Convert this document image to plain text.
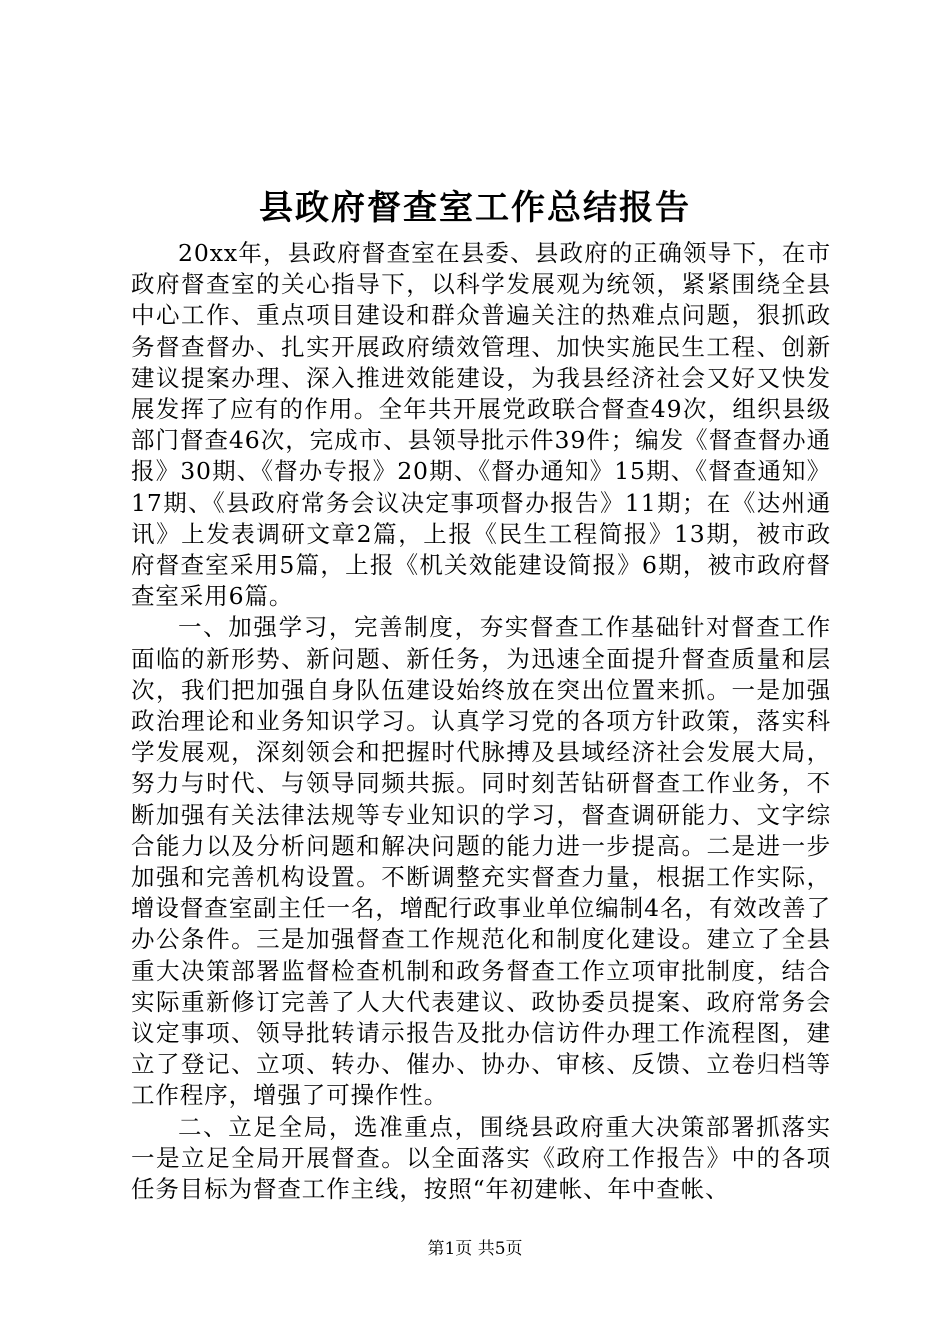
县政府督查室工作总结报告

20xx年，县政府督查室在县委、县政府的正确领导下，在市政府督查室的关心指导下，以科学发展观为统领，紧紧围绕全县中心工作、重点项目建设和群众普遍关注的热难点问题，狠抓政务督查督办、扎实开展政府绩效管理、加快实施民生工程、创新建议提案办理、深入推进效能建设，为我县经济社会又好又快发展发挥了应有的作用。全年共开展党政联合督查49次，组织县级部门督查46次，完成市、县领导批示件39件；编发《督查督办通报》30期、《督办专报》20期、《督办通知》15期、《督查通知》17期、《县政府常务会议决定事项督办报告》11期；在《达州通讯》上发表调研文章2篇，上报《民生工程简报》13期，被市政府督查室采用5篇，上报《机关效能建设简报》6期，被市政府督查室采用6篇。

一、加强学习，完善制度，夯实督查工作基础针对督查工作面临的新形势、新问题、新任务，为迅速全面提升督查质量和层次，我们把加强自身队伍建设始终放在突出位置来抓。一是加强政治理论和业务知识学习。认真学习党的各项方针政策，落实科学发展观，深刻领会和把握时代脉搏及县域经济社会发展大局，努力与时代、与领导同频共振。同时刻苦钻研督查工作业务，不断加强有关法律法规等专业知识的学习，督查调研能力、文字综合能力以及分析问题和解决问题的能力进一步提高。二是进一步加强和完善机构设置。不断调整充实督查力量，根据工作实际，增设督查室副主任一名，增配行政事业单位编制4名，有效改善了办公条件。三是加强督查工作规范化和制度化建设。建立了全县重大决策部署监督检查机制和政务督查工作立项审批制度，结合实际重新修订完善了人大代表建议、政协委员提案、政府常务会议定事项、领导批转请示报告及批办信访件办理工作流程图，建立了登记、立项、转办、催办、协办、审核、反馈、立卷归档等工作程序，增强了可操作性。

二、立足全局，选准重点，围绕县政府重大决策部署抓落实一是立足全局开展督查。以全面落实《政府工作报告》中的各项任务目标为督查工作主线，按照“年初建帐、年中查帐、

第1页 共5页
